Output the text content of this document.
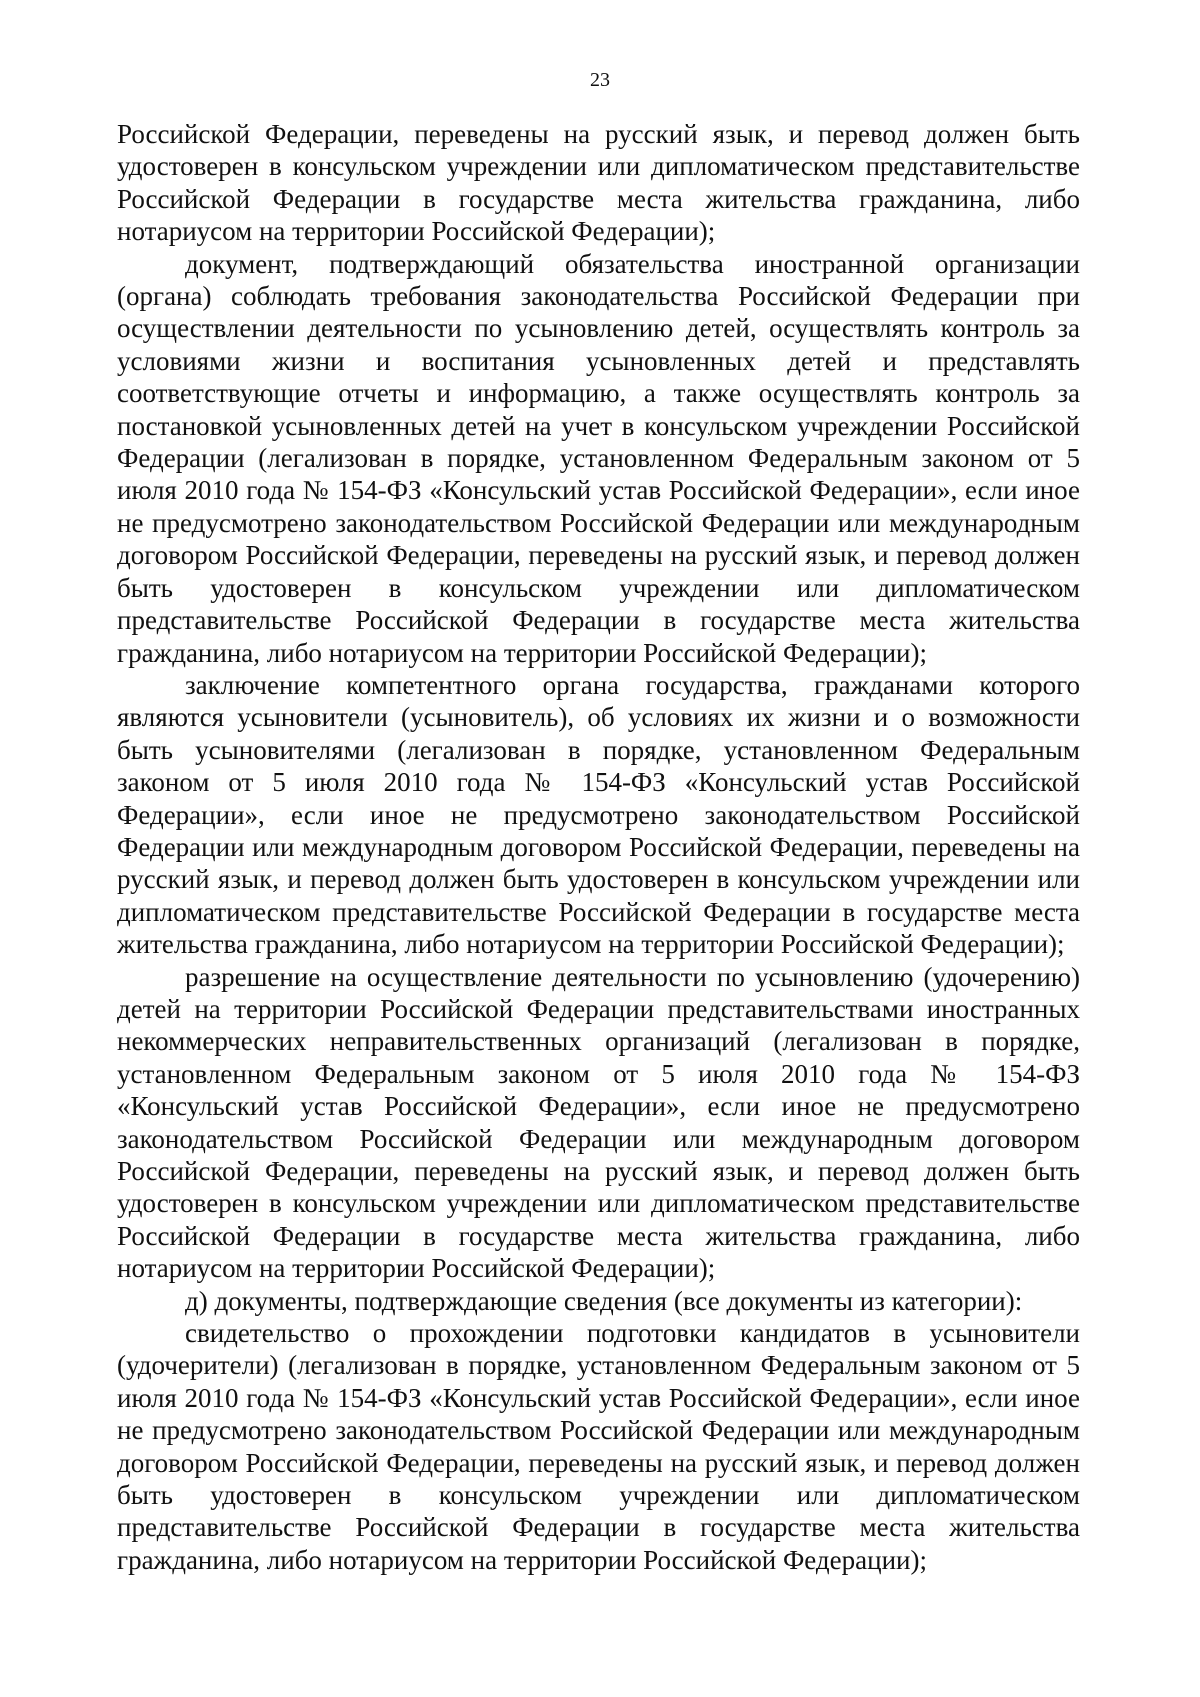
23

Российской Федерации, переведены на русский язык, и перевод должен быть удостоверен в консульском учреждении или дипломатическом представительстве Российской Федерации в государстве места жительства гражданина, либо нотариусом на территории Российской Федерации);

документ, подтверждающий обязательства иностранной организации (органа) соблюдать требования законодательства Российской Федерации при осуществлении деятельности по усыновлению детей, осуществлять контроль за условиями жизни и воспитания усыновленных детей и представлять соответствующие отчеты и информацию, а также осуществлять контроль за постановкой усыновленных детей на учет в консульском учреждении Российской Федерации (легализован в порядке, установленном Федеральным законом от 5 июля 2010 года № 154-ФЗ «Консульский устав Российской Федерации», если иное не предусмотрено законодательством Российской Федерации или международным договором Российской Федерации, переведены на русский язык, и перевод должен быть удостоверен в консульском учреждении или дипломатическом представительстве Российской Федерации в государстве места жительства гражданина, либо нотариусом на территории Российской Федерации);

заключение компетентного органа государства, гражданами которого являются усыновители (усыновитель), об условиях их жизни и о возможности быть усыновителями (легализован в порядке, установленном Федеральным законом от 5 июля 2010 года № 154-ФЗ «Консульский устав Российской Федерации», если иное не предусмотрено законодательством Российской Федерации или международным договором Российской Федерации, переведены на русский язык, и перевод должен быть удостоверен в консульском учреждении или дипломатическом представительстве Российской Федерации в государстве места жительства гражданина, либо нотариусом на территории Российской Федерации);

разрешение на осуществление деятельности по усыновлению (удочерению) детей на территории Российской Федерации представительствами иностранных некоммерческих неправительственных организаций (легализован в порядке, установленном Федеральным законом от 5 июля 2010 года № 154-ФЗ «Консульский устав Российской Федерации», если иное не предусмотрено законодательством Российской Федерации или международным договором Российской Федерации, переведены на русский язык, и перевод должен быть удостоверен в консульском учреждении или дипломатическом представительстве Российской Федерации в государстве места жительства гражданина, либо нотариусом на территории Российской Федерации);

д) документы, подтверждающие сведения (все документы из категории):

свидетельство о прохождении подготовки кандидатов в усыновители (удочерители) (легализован в порядке, установленном Федеральным законом от 5 июля 2010 года № 154-ФЗ «Консульский устав Российской Федерации», если иное не предусмотрено законодательством Российской Федерации или международным договором Российской Федерации, переведены на русский язык, и перевод должен быть удостоверен в консульском учреждении или дипломатическом представительстве Российской Федерации в государстве места жительства гражданина, либо нотариусом на территории Российской Федерации);
